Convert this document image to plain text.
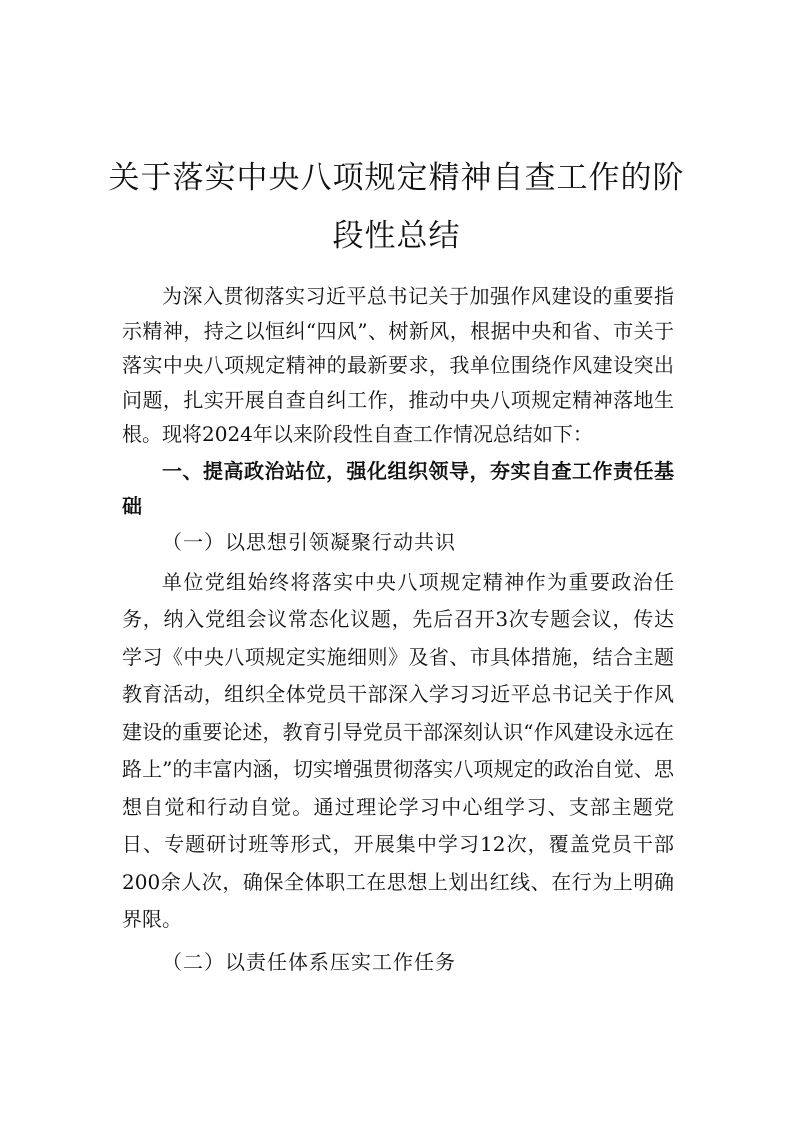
关于落实中央八项规定精神自查工作的阶
段性总结

为深入贯彻落实习近平总书记关于加强作风建设的重要指示精神，持之以恒纠“四风”、树新风，根据中央和省、市关于落实中央八项规定精神的最新要求，我单位围绕作风建设突出问题，扎实开展自查自纠工作，推动中央八项规定精神落地生根。现将2024年以来阶段性自查工作情况总结如下：

一、提高政治站位，强化组织领导，夯实自查工作责任基础

（一）以思想引领凝聚行动共识

单位党组始终将落实中央八项规定精神作为重要政治任务，纳入党组会议常态化议题，先后召开3次专题会议，传达学习《中央八项规定实施细则》及省、市具体措施，结合主题教育活动，组织全体党员干部深入学习习近平总书记关于作风建设的重要论述，教育引导党员干部深刻认识“作风建设永远在路上”的丰富内涵，切实增强贯彻落实八项规定的政治自觉、思想自觉和行动自觉。通过理论学习中心组学习、支部主题党日、专题研讨班等形式，开展集中学习12次，覆盖党员干部200余人次，确保全体职工在思想上划出红线、在行为上明确界限。

（二）以责任体系压实工作任务
